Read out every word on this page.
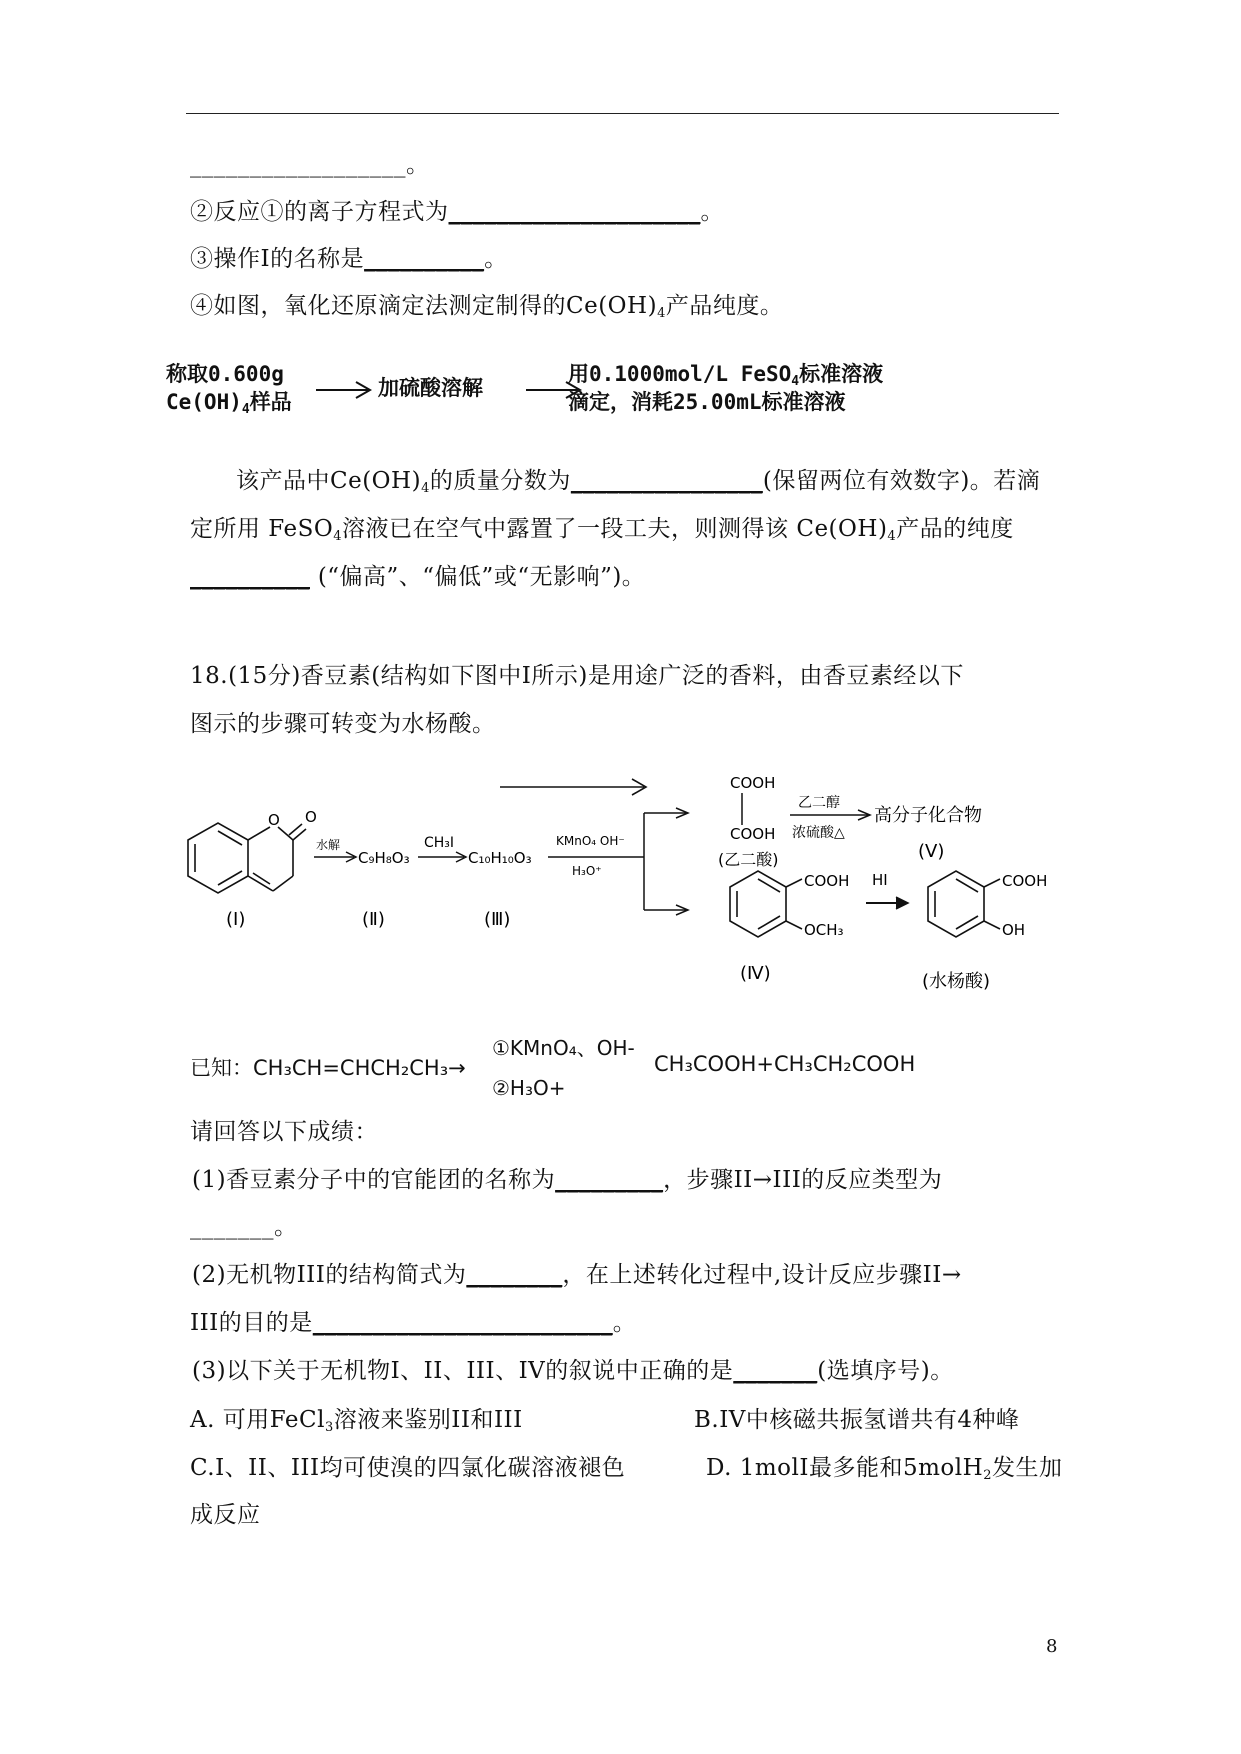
__________________。
②反应①的离子方程式为_____________________。
③操作Ⅰ的名称是__________。
④如图，氧化还原滴定法测定制得的$Ce(OH)_4$产品纯度。
称取0.600g
$Ce(OH)_4$样品
加硫酸溶解
用0.1000mol/L FeSO$_4$标准溶液
滴定，消耗25.00mL标准溶液
该产品中$Ce(OH)_4$的质量分数为________________(保留两位有效数字)。若滴
定所用 FeSO$_4$溶液已在空气中露置了一段工夫，则测得该 $Ce(OH)_4$产品的纯度
__________ (“偏高”、“偏低”或“无影响”)。
18.(15分)香豆素(结构如下图中Ⅰ所示)是用途广泛的香料，由香豆素经以下
图示的步骤可转变为水杨酸。
O O
水解
C₉H₈O₃
CH₃I
C₁₀H₁₀O₃
KMnO₄ OH⁻
H₃O⁺
COOH
COOH
(乙二酸)
乙二醇
浓硫酸△
高分子化合物
(Ⅴ)
COOH
OCH₃
HI	COOH
OH
(Ⅰ)	(Ⅱ)	(Ⅲ)
(Ⅳ)	(水杨酸)
已知：CH₃CH=CHCH₂CH₃→
①KMnO₄、OH-
②H₃O+
CH₃COOH+CH₃CH₂COOH
请回答以下成绩：
(1)香豆素分子中的官能团的名称为_________，步骤II→III的反应类型为
_______。
(2)无机物III的结构简式为________，在上述转化过程中,设计反应步骤II→
III的目的是_________________________。
(3)以下关于无机物I、II、III、IV的叙说中正确的是_______(选填序号)。
A. 可用FeCl$_3$溶液来鉴别II和III	B.IV中核磁共振氢谱共有4种峰
C.I、II、III均可使溴的四氯化碳溶液褪色	D. 1molI最多能和5molH$_2$发生加
成反应
8
